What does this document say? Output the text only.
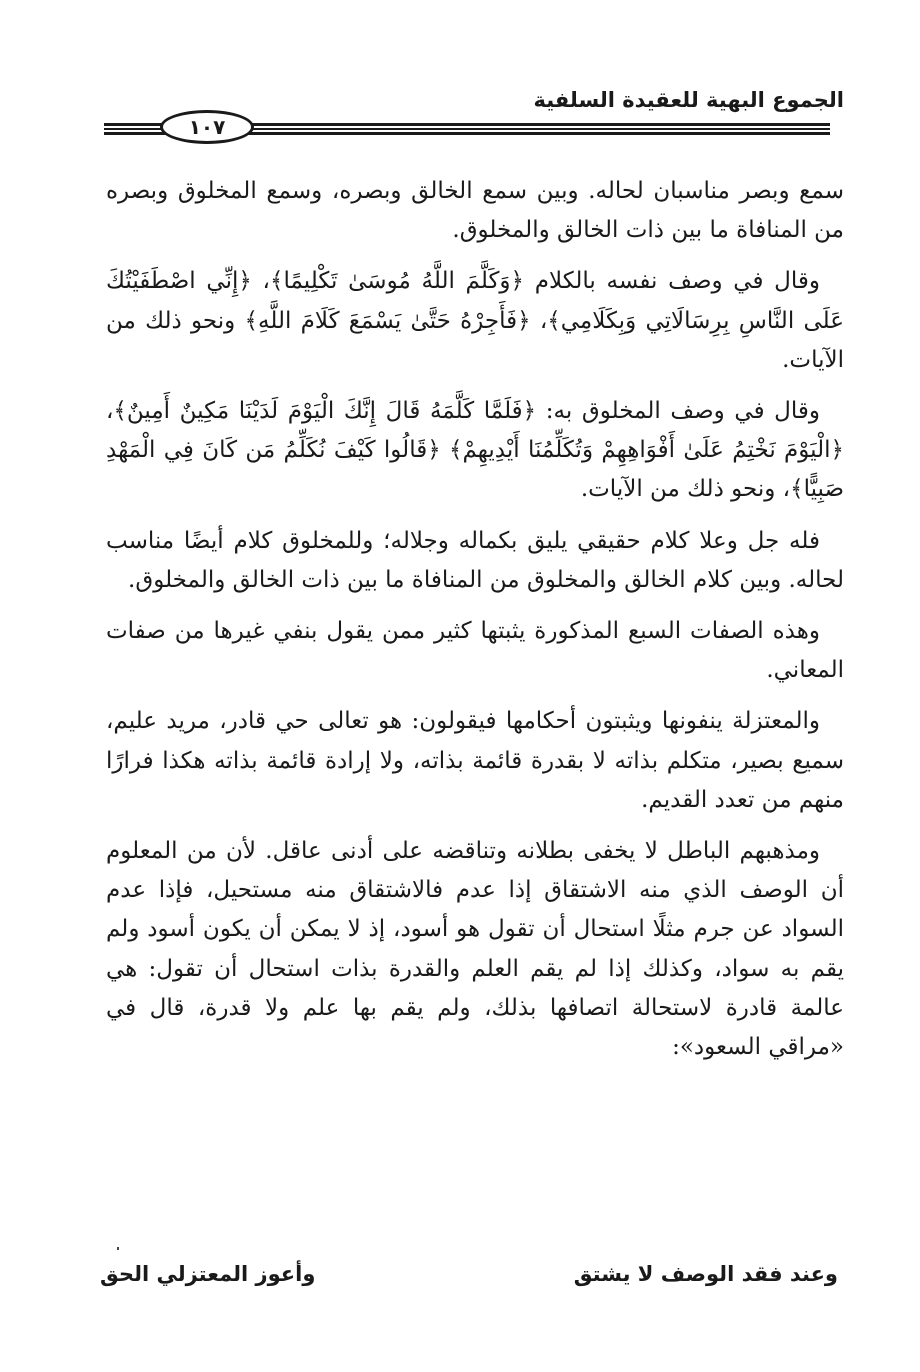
الجموع البهية للعقيدة السلفية
١٠٧

سمع وبصر مناسبان لحاله. وبين سمع الخالق وبصره، وسمع المخلوق وبصره من المنافاة ما بين ذات الخالق والمخلوق.

وقال في وصف نفسه بالكلام ﴿وَكَلَّمَ اللَّهُ مُوسَىٰ تَكْلِيمًا﴾، ﴿إِنِّي اصْطَفَيْتُكَ عَلَى النَّاسِ بِرِسَالَاتِي وَبِكَلَامِي﴾، ﴿فَأَجِرْهُ حَتَّىٰ يَسْمَعَ كَلَامَ اللَّهِ﴾ ونحو ذلك من الآيات.

وقال في وصف المخلوق به: ﴿فَلَمَّا كَلَّمَهُ قَالَ إِنَّكَ الْيَوْمَ لَدَيْنَا مَكِينٌ أَمِينٌ﴾، ﴿الْيَوْمَ نَخْتِمُ عَلَىٰ أَفْوَاهِهِمْ وَتُكَلِّمُنَا أَيْدِيهِمْ﴾ ﴿قَالُوا كَيْفَ نُكَلِّمُ مَن كَانَ فِي الْمَهْدِ صَبِيًّا﴾، ونحو ذلك من الآيات.

فله جل وعلا كلام حقيقي يليق بكماله وجلاله؛ وللمخلوق كلام أيضًا مناسب لحاله. وبين كلام الخالق والمخلوق من المنافاة ما بين ذات الخالق والمخلوق.

وهذه الصفات السبع المذكورة يثبتها كثير ممن يقول بنفي غيرها من صفات المعاني.

والمعتزلة ينفونها ويثبتون أحكامها فيقولون: هو تعالى حي قادر، مريد عليم، سميع بصير، متكلم بذاته لا بقدرة قائمة بذاته، ولا إرادة قائمة بذاته هكذا فرارًا منهم من تعدد القديم.

ومذهبهم الباطل لا يخفى بطلانه وتناقضه على أدنى عاقل. لأن من المعلوم أن الوصف الذي منه الاشتقاق إذا عدم فالاشتقاق منه مستحيل، فإذا عدم السواد عن جرم مثلًا استحال أن تقول هو أسود، إذ لا يمكن أن يكون أسود ولم يقم به سواد، وكذلك إذا لم يقم العلم والقدرة بذات استحال أن تقول: هي عالمة قادرة لاستحالة اتصافها بذلك، ولم يقم بها علم ولا قدرة، قال في «مراقي السعود»:

وعند فقد الوصف لا يشتق
وأعوز المعتزلي الحق
